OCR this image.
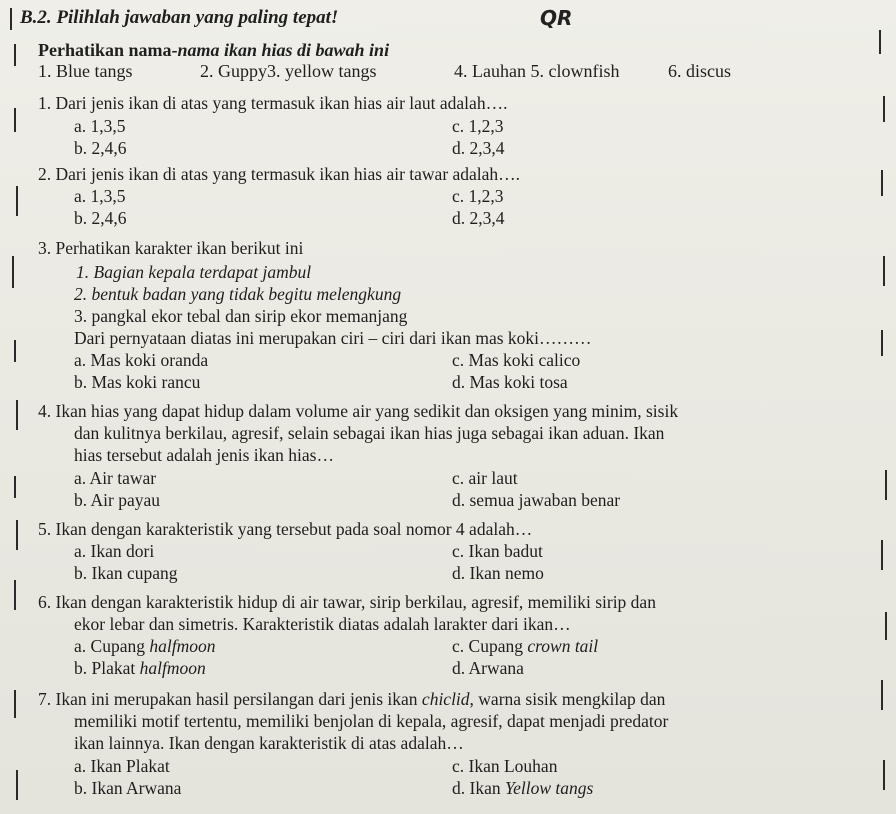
B.2. Pilihlah jawaban yang paling tepat!	QR
Perhatikan nama-nama ikan hias di bawah ini
1. Blue tangs	2. Guppy3. yellow tangs	4. Lauhan 5. clownfish	6. discus
1. Dari jenis ikan di atas yang termasuk ikan hias air laut adalah….
a. 1,3,5	c. 1,2,3
b. 2,4,6	d. 2,3,4
2. Dari jenis ikan di atas yang termasuk ikan hias air tawar adalah….
a. 1,3,5	c. 1,2,3
b. 2,4,6	d. 2,3,4
3. Perhatikan karakter ikan berikut ini
1. Bagian kepala terdapat jambul
2. bentuk badan yang tidak begitu melengkung
3. pangkal ekor tebal dan sirip ekor memanjang
Dari pernyataan diatas ini merupakan ciri – ciri dari ikan mas koki………
a. Mas koki oranda	c. Mas koki calico
b. Mas koki rancu	d. Mas koki tosa
4. Ikan hias yang dapat hidup dalam volume air yang sedikit dan oksigen yang minim, sisik
dan kulitnya berkilau, agresif, selain sebagai ikan hias juga sebagai ikan aduan. Ikan
hias tersebut adalah jenis ikan hias…
a. Air tawar	c. air laut
b. Air payau	d. semua jawaban benar
5. Ikan dengan karakteristik yang tersebut pada soal nomor 4 adalah…
a. Ikan dori	c. Ikan badut
b. Ikan cupang	d. Ikan nemo
6. Ikan dengan karakteristik hidup di air tawar, sirip berkilau, agresif, memiliki sirip dan
ekor lebar dan simetris. Karakteristik diatas adalah larakter dari ikan…
a. Cupang halfmoon	c. Cupang crown tail
b. Plakat halfmoon	d. Arwana
7. Ikan ini merupakan hasil persilangan dari jenis ikan chiclid, warna sisik mengkilap dan
memiliki motif tertentu, memiliki benjolan di kepala, agresif, dapat menjadi predator
ikan lainnya. Ikan dengan karakteristik di atas adalah…
a. Ikan Plakat	c. Ikan Louhan
b. Ikan Arwana	d. Ikan Yellow tangs
